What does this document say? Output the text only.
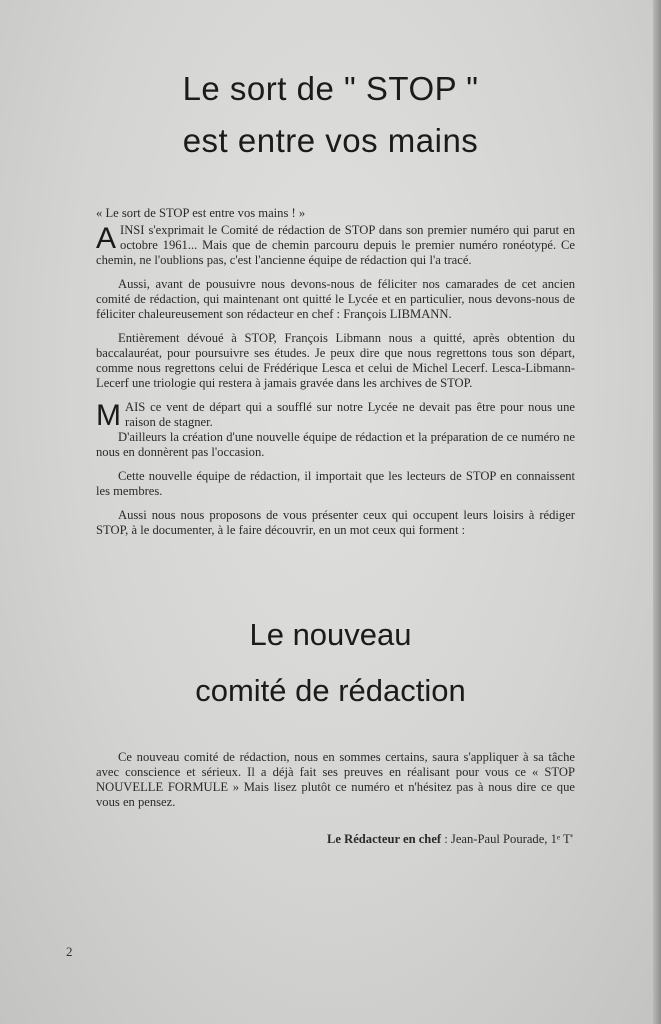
Le sort de " STOP "
est entre vos mains

« Le sort de STOP est entre vos mains ! »

AINSI s'exprimait le Comité de rédaction de STOP dans son premier numéro qui parut en octobre 1961... Mais que de chemin parcouru depuis le premier numéro ronéotypé. Ce chemin, ne l'oublions pas, c'est l'ancienne équipe de rédaction qui l'a tracé.

Aussi, avant de pousuivre nous devons-nous de féliciter nos camarades de cet ancien comité de rédaction, qui maintenant ont quitté le Lycée et en particulier, nous devons-nous de féliciter chaleureusement son rédacteur en chef : François LIBMANN.

Entièrement dévoué à STOP, François Libmann nous a quitté, après obtention du baccalauréat, pour poursuivre ses études. Je peux dire que nous regrettons tous son départ, comme nous regrettons celui de Frédérique Lesca et celui de Michel Lecerf. Lesca-Libmann-Lecerf une triologie qui restera à jamais gravée dans les archives de STOP.

MAIS ce vent de départ qui a soufflé sur notre Lycée ne devait pas être pour nous une raison de stagner.
D'ailleurs la création d'une nouvelle équipe de rédaction et la préparation de ce numéro ne nous en donnèrent pas l'occasion.

Cette nouvelle équipe de rédaction, il importait que les lecteurs de STOP en connaissent les membres.

Aussi nous nous proposons de vous présenter ceux qui occupent leurs loisirs à rédiger STOP, à le documenter, à le faire découvrir, en un mot ceux qui forment :

Le nouveau
comité de rédaction

Ce nouveau comité de rédaction, nous en sommes certains, saura s'appliquer à sa tâche avec conscience et sérieux. Il a déjà fait ses preuves en réalisant pour vous ce « STOP NOUVELLE FORMULE » Mais lisez plutôt ce numéro et n'hésitez pas à nous dire ce que vous en pensez.

Le Rédacteur en chef : Jean-Paul Pourade, 1ᵉ T'
2
